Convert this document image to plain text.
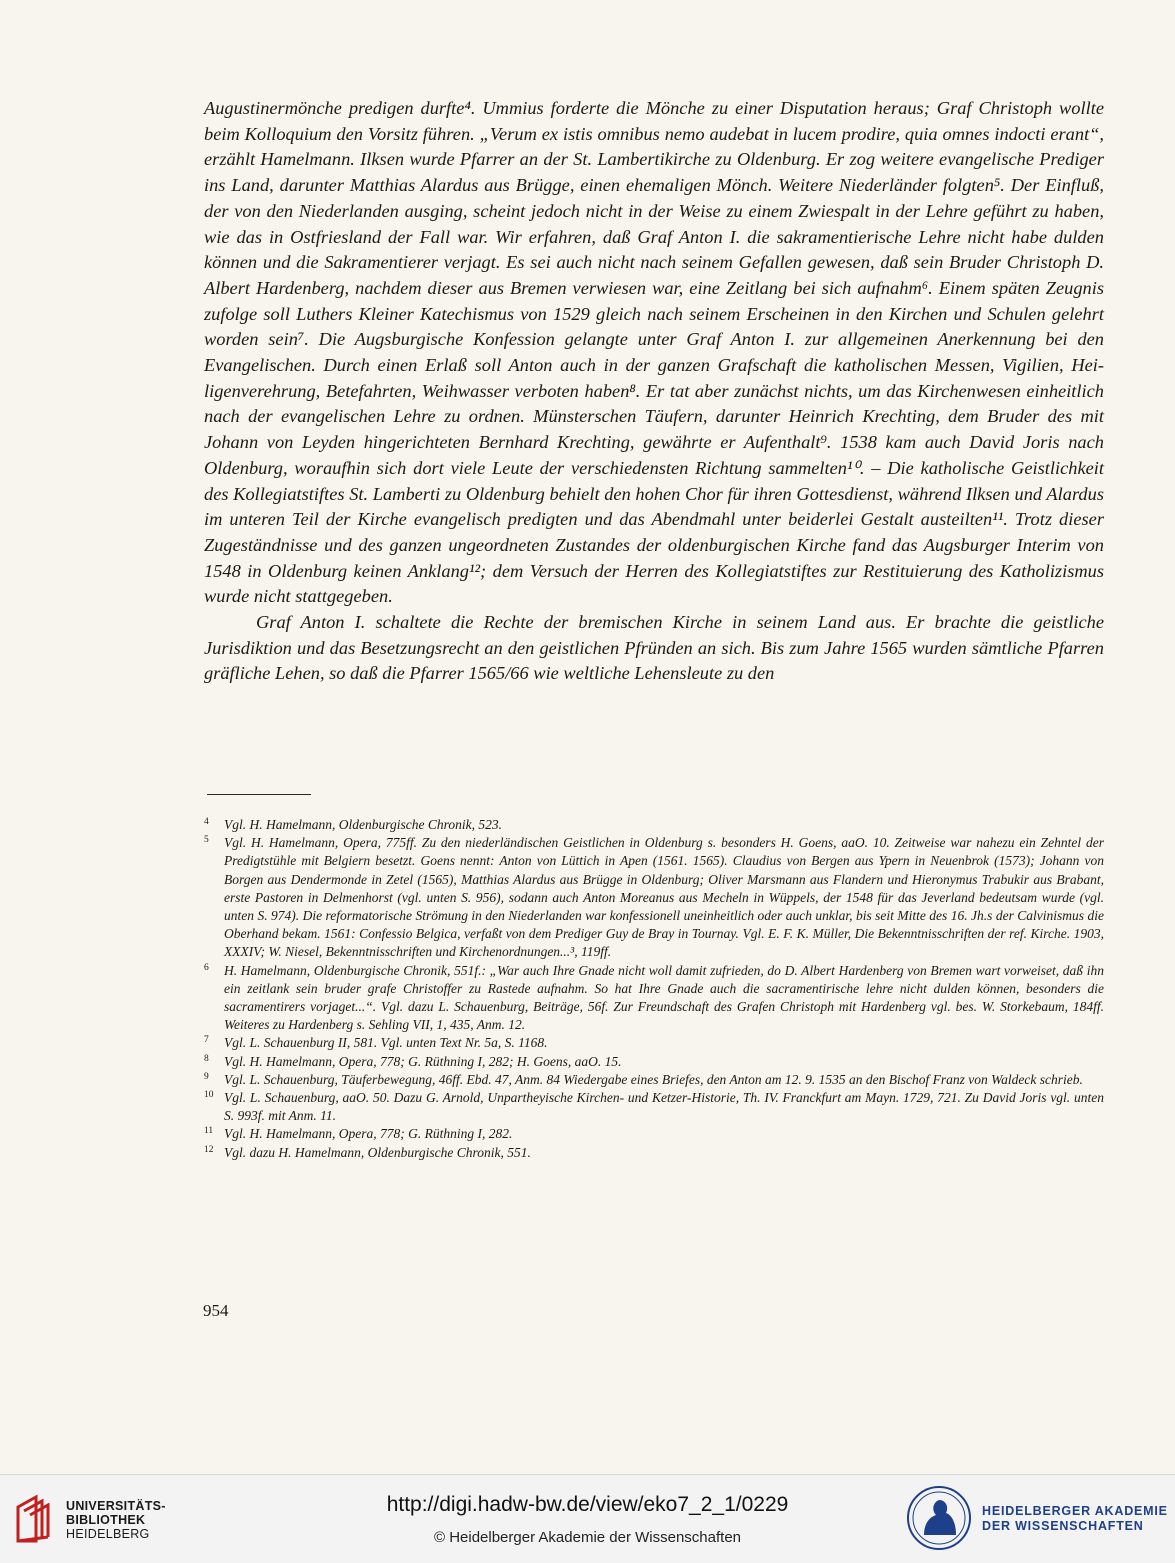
Augustinermönche predigen durfte⁴. Ummius forderte die Mönche zu einer Disputation heraus; Graf Christoph wollte beim Kolloquium den Vorsitz führen. „Verum ex istis omnibus nemo audebat in lucem prodire, quia omnes indocti erant“, erzählt Hamelmann. Ilksen wurde Pfarrer an der St. Lambertikirche zu Oldenburg. Er zog weitere evangelische Prediger ins Land, darunter Matthias Alardus aus Brügge, einen ehemaligen Mönch. Weitere Niederländer folgten⁵. Der Einfluß, der von den Niederlanden ausging, scheint jedoch nicht in der Weise zu einem Zwiespalt in der Lehre geführt zu haben, wie das in Ostfriesland der Fall war. Wir erfahren, daß Graf Anton I. die sakramentierische Lehre nicht habe dulden können und die Sakramentierer verjagt. Es sei auch nicht nach seinem Gefallen gewesen, daß sein Bruder Christoph D. Albert Hardenberg, nachdem dieser aus Bremen verwiesen war, eine Zeitlang bei sich aufnahm⁶. Einem späten Zeugnis zufolge soll Luthers Kleiner Katechismus von 1529 gleich nach seinem Erscheinen in den Kirchen und Schulen gelehrt worden sein⁷. Die Augsburgische Konfession gelangte unter Graf Anton I. zur allgemeinen Anerkennung bei den Evangelischen. Durch einen Erlaß soll Anton auch in der ganzen Grafschaft die katholischen Messen, Vigilien, Heiligenverehrung, Betefahrten, Weihwasser verboten haben⁸. Er tat aber zunächst nichts, um das Kirchenwesen einheitlich nach der evangelischen Lehre zu ordnen. Münsterschen Täufern, darunter Heinrich Krechting, dem Bruder des mit Johann von Leyden hingerichteten Bernhard Krechting, gewährte er Aufenthalt⁹. 1538 kam auch David Joris nach Oldenburg, woraufhin sich dort viele Leute der verschiedensten Richtung sammelten¹⁰. – Die katholische Geistlichkeit des Kollegiatstiftes St. Lamberti zu Oldenburg behielt den hohen Chor für ihren Gottesdienst, während Ilksen und Alardus im unteren Teil der Kirche evangelisch predigten und das Abendmahl unter beiderlei Gestalt austeilten¹¹. Trotz dieser Zugeständnisse und des ganzen ungeordneten Zustandes der oldenburgischen Kirche fand das Augsburger Interim von 1548 in Oldenburg keinen Anklang¹²; dem Versuch der Herren des Kollegiatstiftes zur Restituierung des Katholizismus wurde nicht stattgegeben.

Graf Anton I. schaltete die Rechte der bremischen Kirche in seinem Land aus. Er brachte die geistliche Jurisdiktion und das Besetzungsrecht an den geistlichen Pfründen an sich. Bis zum Jahre 1565 wurden sämtliche Pfarren gräfliche Lehen, so daß die Pfarrer 1565/66 wie weltliche Lehensleute zu den

4 Vgl. H. Hamelmann, Oldenburgische Chronik, 523.

5 Vgl. H. Hamelmann, Opera, 775ff. Zu den niederländischen Geistlichen in Oldenburg s. besonders H. Goens, aaO. 10. Zeitweise war nahezu ein Zehntel der Predigtstühle mit Belgiern besetzt. Goens nennt: Anton von Lüttich in Apen (1561. 1565). Claudius von Bergen aus Ypern in Neuenbrok (1573); Johann von Borgen aus Dendermonde in Zetel (1565), Matthias Alardus aus Brügge in Oldenburg; Oliver Marsmann aus Flandern und Hieronymus Trabukir aus Brabant, erste Pastoren in Delmenhorst (vgl. unten S. 956), sodann auch Anton Moreanus aus Mecheln in Wüppels, der 1548 für das Jeverland bedeutsam wurde (vgl. unten S. 974). Die reformatorische Strömung in den Niederlanden war konfessionell uneinheitlich oder auch unklar, bis seit Mitte des 16. Jh.s der Calvinismus die Oberhand bekam. 1561: Confessio Belgica, verfaßt von dem Prediger Guy de Bray in Tournay. Vgl. E. F. K. Müller, Die Bekenntnisschriften der ref. Kirche. 1903, XXXIV; W. Niesel, Bekenntnisschriften und Kirchenordnungen...³, 119ff.

6 H. Hamelmann, Oldenburgische Chronik, 551f.: „War auch Ihre Gnade nicht woll damit zufrieden, do D. Albert Hardenberg von Bremen wart vorweiset, daß ihn ein zeitlank sein bruder grafe Christoffer zu Rastede aufnahm. So hat Ihre Gnade auch die sacramentirische lehre nicht dulden können, besonders die sacramentirers vorjaget...“. Vgl. dazu L. Schauenburg, Beiträge, 56f. Zur Freundschaft des Grafen Christoph mit Hardenberg vgl. bes. W. Storkebaum, 184ff. Weiteres zu Hardenberg s. Sehling VII, 1, 435, Anm. 12.

7 Vgl. L. Schauenburg II, 581. Vgl. unten Text Nr. 5a, S. 1168.

8 Vgl. H. Hamelmann, Opera, 778; G. Rüthning I, 282; H. Goens, aaO. 15.

9 Vgl. L. Schauenburg, Täuferbewegung, 46ff. Ebd. 47, Anm. 84 Wiedergabe eines Briefes, den Anton am 12. 9. 1535 an den Bischof Franz von Waldeck schrieb.

10 Vgl. L. Schauenburg, aaO. 50. Dazu G. Arnold, Unpartheyische Kirchen- und Ketzer-Historie, Th. IV. Franckfurt am Mayn. 1729, 721. Zu David Joris vgl. unten S. 993f. mit Anm. 11.

11 Vgl. H. Hamelmann, Opera, 778; G. Rüthning I, 282.

12 Vgl. dazu H. Hamelmann, Oldenburgische Chronik, 551.

954
UNIVERSITÄTS-
BIBLIOTHEK
HEIDELBERG
http://digi.hadw-bw.de/view/eko7_2_1/0229
© Heidelberger Akademie der Wissenschaften
HEIDELBERGER AKADEMIE
DER WISSENSCHAFTEN
